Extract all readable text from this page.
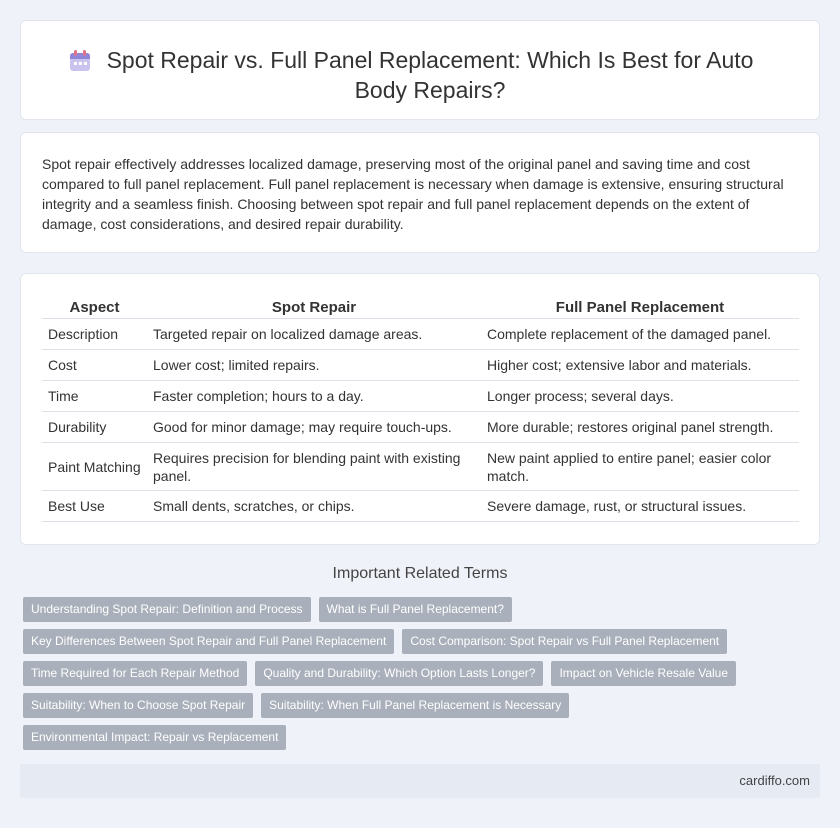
Spot Repair vs. Full Panel Replacement: Which Is Best for Auto Body Repairs?

Spot repair effectively addresses localized damage, preserving most of the original panel and saving time and cost compared to full panel replacement. Full panel replacement is necessary when damage is extensive, ensuring structural integrity and a seamless finish. Choosing between spot repair and full panel replacement depends on the extent of damage, cost considerations, and desired repair durability.

Aspect	Spot Repair	Full Panel Replacement
Description	Targeted repair on localized damage areas.	Complete replacement of the damaged panel.
Cost	Lower cost; limited repairs.	Higher cost; extensive labor and materials.
Time	Faster completion; hours to a day.	Longer process; several days.
Durability	Good for minor damage; may require touch-ups.	More durable; restores original panel strength.
Paint Matching	Requires precision for blending paint with existing panel.	New paint applied to entire panel; easier color match.
Best Use	Small dents, scratches, or chips.	Severe damage, rust, or structural issues.
Important Related Terms
Understanding Spot Repair: Definition and Process	What is Full Panel Replacement?
Key Differences Between Spot Repair and Full Panel Replacement	Cost Comparison: Spot Repair vs Full Panel Replacement
Time Required for Each Repair Method	Quality and Durability: Which Option Lasts Longer?	Impact on Vehicle Resale Value
Suitability: When to Choose Spot Repair	Suitability: When Full Panel Replacement is Necessary
Environmental Impact: Repair vs Replacement
cardiffo.com
